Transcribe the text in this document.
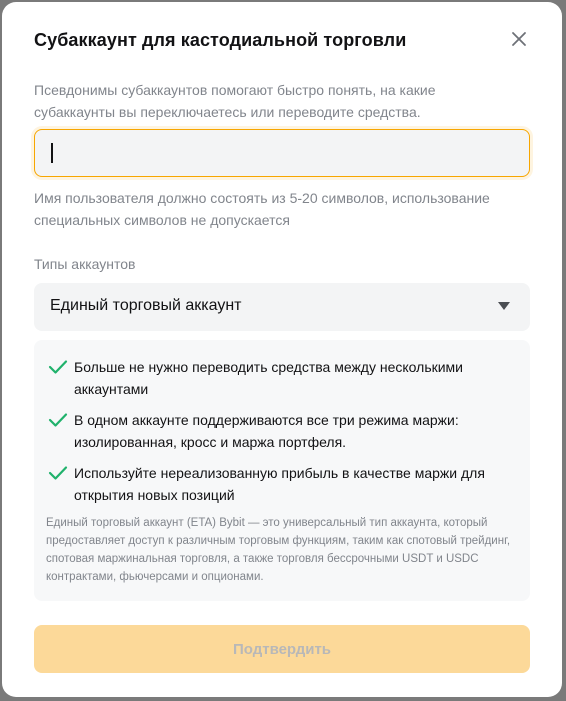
Субаккаунт для кастодиальной торговли
Псевдонимы субаккаунтов помогают быстро понять, на какие субаккаунты вы переключаетесь или переводите средства.
Имя пользователя должно состоять из 5-20 символов, использование специальных символов не допускается
Типы аккаунтов
Единый торговый аккаунт
Больше не нужно переводить средства между несколькими аккаунтами
В одном аккаунте поддерживаются все три режима маржи: изолированная, кросс и маржа портфеля.
Используйте нереализованную прибыль в качестве маржи для открытия новых позиций
Единый торговый аккаунт (ETA) Bybit — это универсальный тип аккаунта, который предоставляет доступ к различным торговым функциям, таким как спотовый трейдинг, спотовая маржинальная торговля, а также торговля бессрочными USDT и USDC контрактами, фьючерсами и опционами.
Подтвердить
